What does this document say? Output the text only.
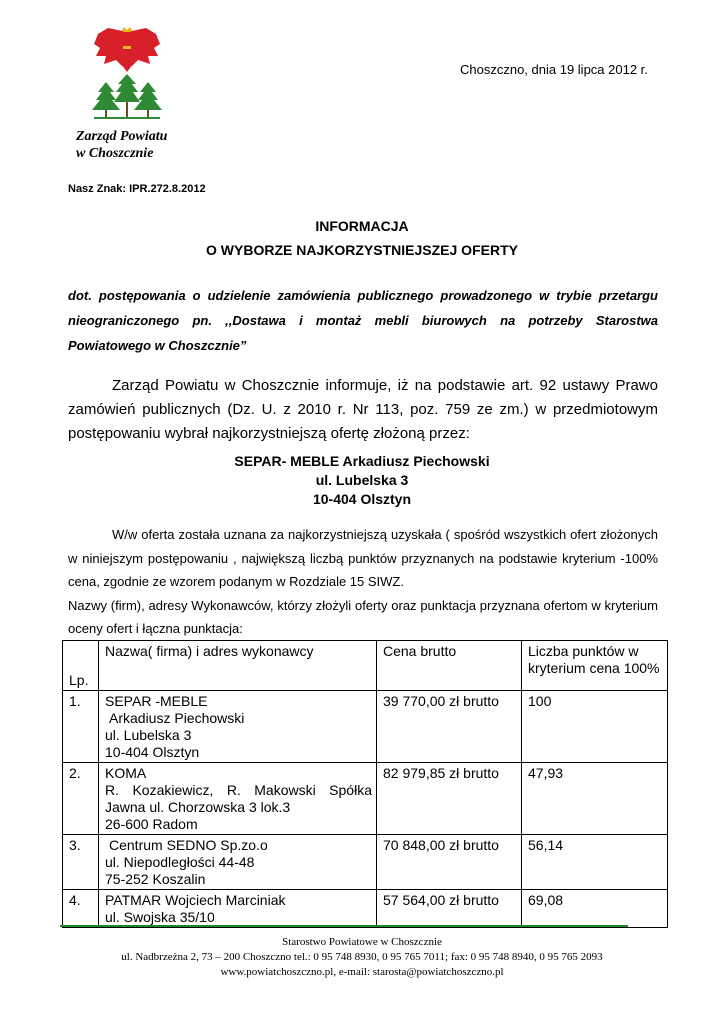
Zarząd Powiatu
w Choszcznie
Choszczno, dnia 19 lipca 2012 r.
Nasz Znak: IPR.272.8.2012
INFORMACJA
O WYBORZE NAJKORZYSTNIEJSZEJ OFERTY
dot. postępowania o udzielenie zamówienia publicznego prowadzonego w trybie przetargu nieograniczonego pn. ,,Dostawa i montaż mebli biurowych na potrzeby Starostwa Powiatowego w Choszcznie”
Zarząd Powiatu w Choszcznie informuje, iż na podstawie art. 92 ustawy Prawo zamówień publicznych (Dz. U. z 2010 r. Nr 113, poz. 759 ze zm.) w przedmiotowym postępowaniu wybrał najkorzystniejszą ofertę złożoną przez:
SEPAR- MEBLE Arkadiusz Piechowski
ul. Lubelska 3
10-404 Olsztyn

W/w oferta została uznana za najkorzystniejszą uzyskała ( spośród wszystkich ofert złożonych w niniejszym postępowaniu , największą liczbą punktów przyznanych na podstawie kryterium -100% cena, zgodnie ze wzorem podanym w Rozdziale 15 SIWZ.

Nazwy (firm), adresy Wykonawców, którzy złożyli oferty oraz punktacja przyznana ofertom w kryterium oceny ofert i łączna punktacja:

Lp.	Nazwa( firma) i adres wykonawcy	Cena brutto	Liczba punktów w kryterium cena 100%
1.	SEPAR -MEBLE
Arkadiusz Piechowski
ul. Lubelska 3
10-404 Olsztyn	39 770,00 zł brutto	100
2.	KOMA
R. Kozakiewicz, R. Makowski Spółka Jawna ul. Chorzowska 3 lok.3
26-600 Radom	82 979,85 zł brutto	47,93
3.	Centrum SEDNO Sp.zo.o
ul. Niepodległości 44-48
75-252 Koszalin	70 848,00 zł brutto	56,14
4.	PATMAR Wojciech Marciniak
ul. Swojska 35/10	57 564,00 zł brutto	69,08
Starostwo Powiatowe w Choszcznie
ul. Nadbrzeżna 2, 73 – 200 Choszczno tel.: 0 95 748 8930, 0 95 765 7011; fax: 0 95 748 8940, 0 95 765 2093
www.powiatchoszczno.pl, e-mail: starosta@powiatchoszczno.pl
